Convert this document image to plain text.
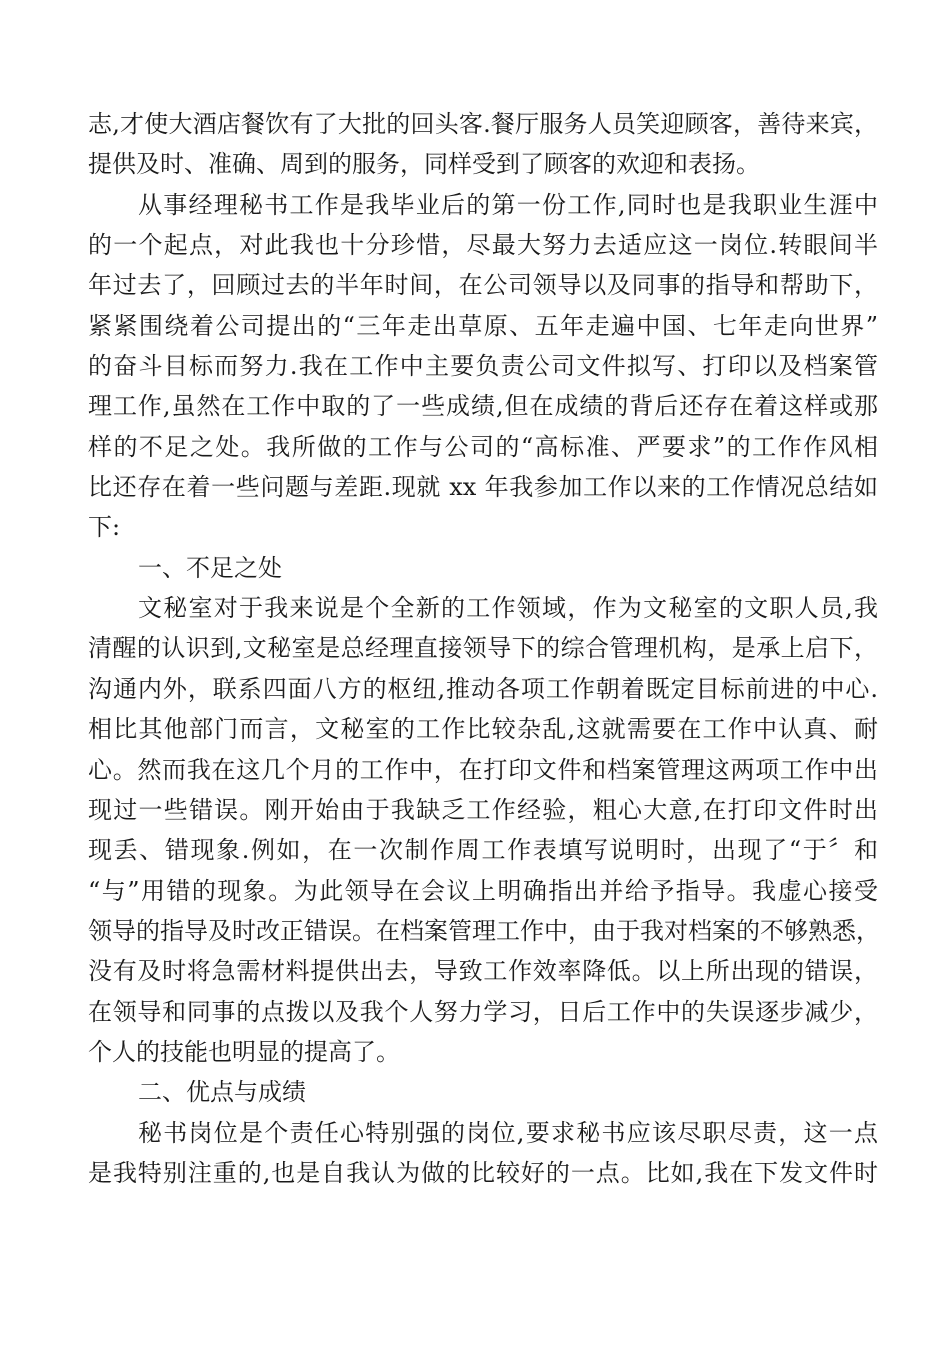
志,才使大酒店餐饮有了大批的回头客.餐厅服务人员笑迎顾客，善待来宾，

提供及时、准确、周到的服务，同样受到了顾客的欢迎和表扬。

从事经理秘书工作是我毕业后的第一份工作,同时也是我职业生涯中

的一个起点，对此我也十分珍惜，尽最大努力去适应这一岗位.转眼间半

年过去了，回顾过去的半年时间，在公司领导以及同事的指导和帮助下，

紧紧围绕着公司提出的“三年走出草原、五年走遍中国、七年走向世界”

的奋斗目标而努力.我在工作中主要负责公司文件拟写、打印以及档案管

理工作,虽然在工作中取的了一些成绩,但在成绩的背后还存在着这样或那

样的不足之处。我所做的工作与公司的“高标准、严要求”的工作作风相

比还存在着一些问题与差距.现就 xx 年我参加工作以来的工作情况总结如

下:

一、不足之处

文秘室对于我来说是个全新的工作领域，作为文秘室的文职人员,我

清醒的认识到,文秘室是总经理直接领导下的综合管理机构，是承上启下，

沟通内外，联系四面八方的枢纽,推动各项工作朝着既定目标前进的中心.

相比其他部门而言，文秘室的工作比较杂乱,这就需要在工作中认真、耐

心。然而我在这几个月的工作中，在打印文件和档案管理这两项工作中出

现过一些错误。刚开始由于我缺乏工作经验，粗心大意,在打印文件时出

现丢、错现象.例如，在一次制作周工作表填写说明时，出现了“于〞和

“与”用错的现象。为此领导在会议上明确指出并给予指导。我虚心接受

领导的指导及时改正错误。在档案管理工作中，由于我对档案的不够熟悉，

没有及时将急需材料提供出去，导致工作效率降低。以上所出现的错误，

在领导和同事的点拨以及我个人努力学习，日后工作中的失误逐步减少，

个人的技能也明显的提高了。

二、优点与成绩

秘书岗位是个责任心特别强的岗位,要求秘书应该尽职尽责，这一点

是我特别注重的,也是自我认为做的比较好的一点。比如,我在下发文件时
